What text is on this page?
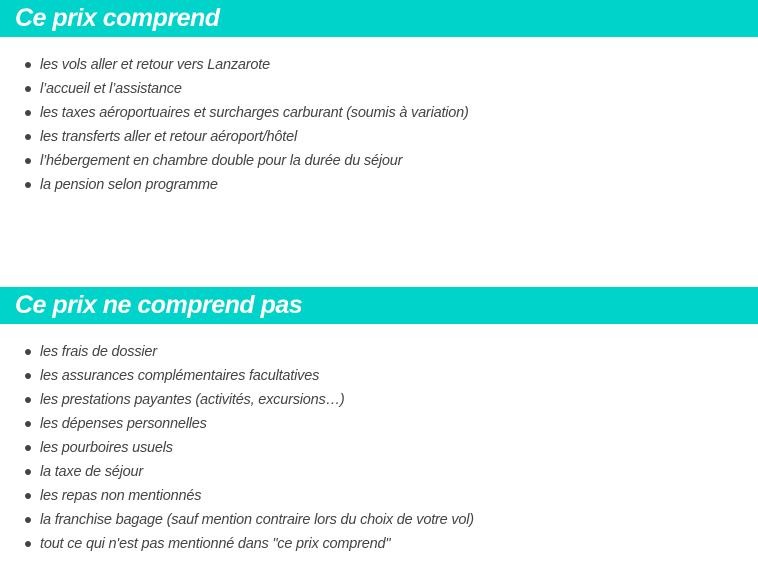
Ce prix comprend
les vols aller et retour vers Lanzarote
l’accueil et l’assistance
les taxes aéroportuaires et surcharges carburant (soumis à variation)
les transferts aller et retour aéroport/hôtel
l’hébergement en chambre double pour la durée du séjour
la pension selon programme
Ce prix ne comprend pas
les frais de dossier
les assurances complémentaires facultatives
les prestations payantes (activités, excursions…)
les dépenses personnelles
les pourboires usuels
la taxe de séjour
les repas non mentionnés
la franchise bagage (sauf mention contraire lors du choix de votre vol)
tout ce qui n'est pas mentionné dans "ce prix comprend"
